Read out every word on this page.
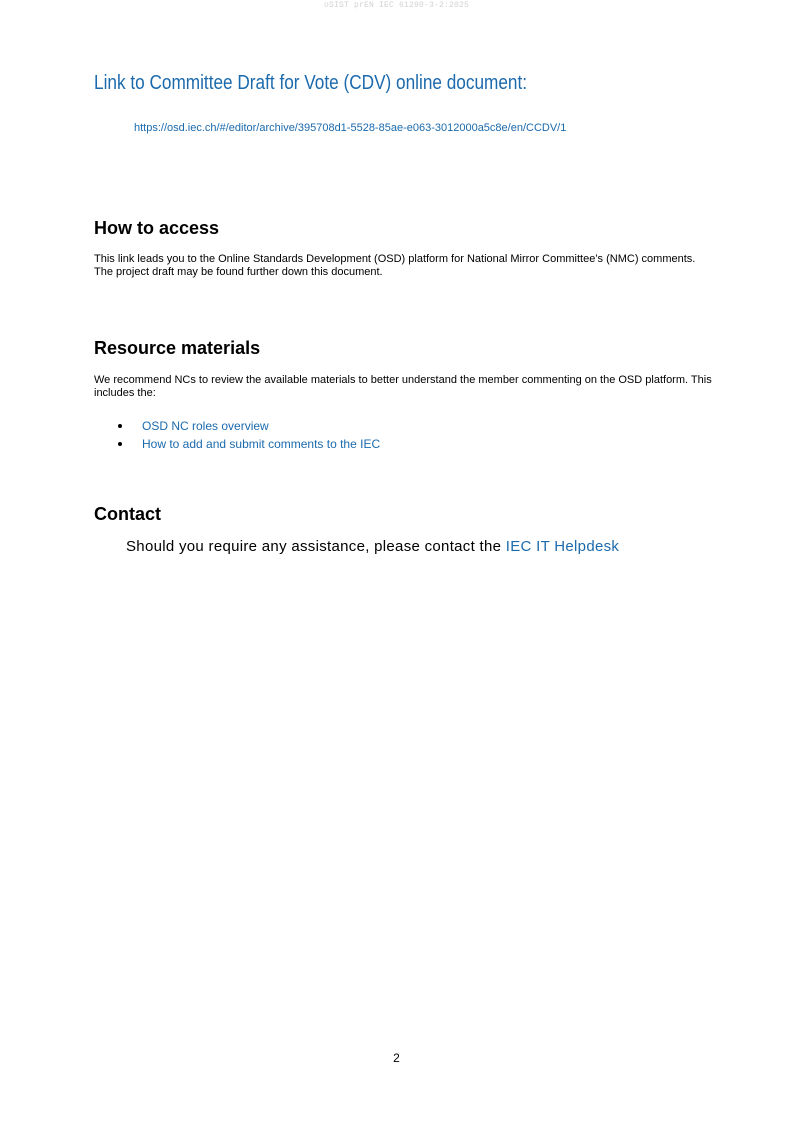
oSIST prEN IEC 61290-3-2:2025
Link to Committee Draft for Vote (CDV) online document:
https://osd.iec.ch/#/editor/archive/395708d1-5528-85ae-e063-3012000a5c8e/en/CCDV/1
How to access

This link leads you to the Online Standards Development (OSD) platform for National Mirror Committee’s (NMC) comments. The project draft may be found further down this document.

Resource materials

We recommend NCs to review the available materials to better understand the member commenting on the OSD platform. This includes the:

OSD NC roles overview
How to add and submit comments to the IEC
Contact

Should you require any assistance, please contact the IEC IT Helpdesk

2
